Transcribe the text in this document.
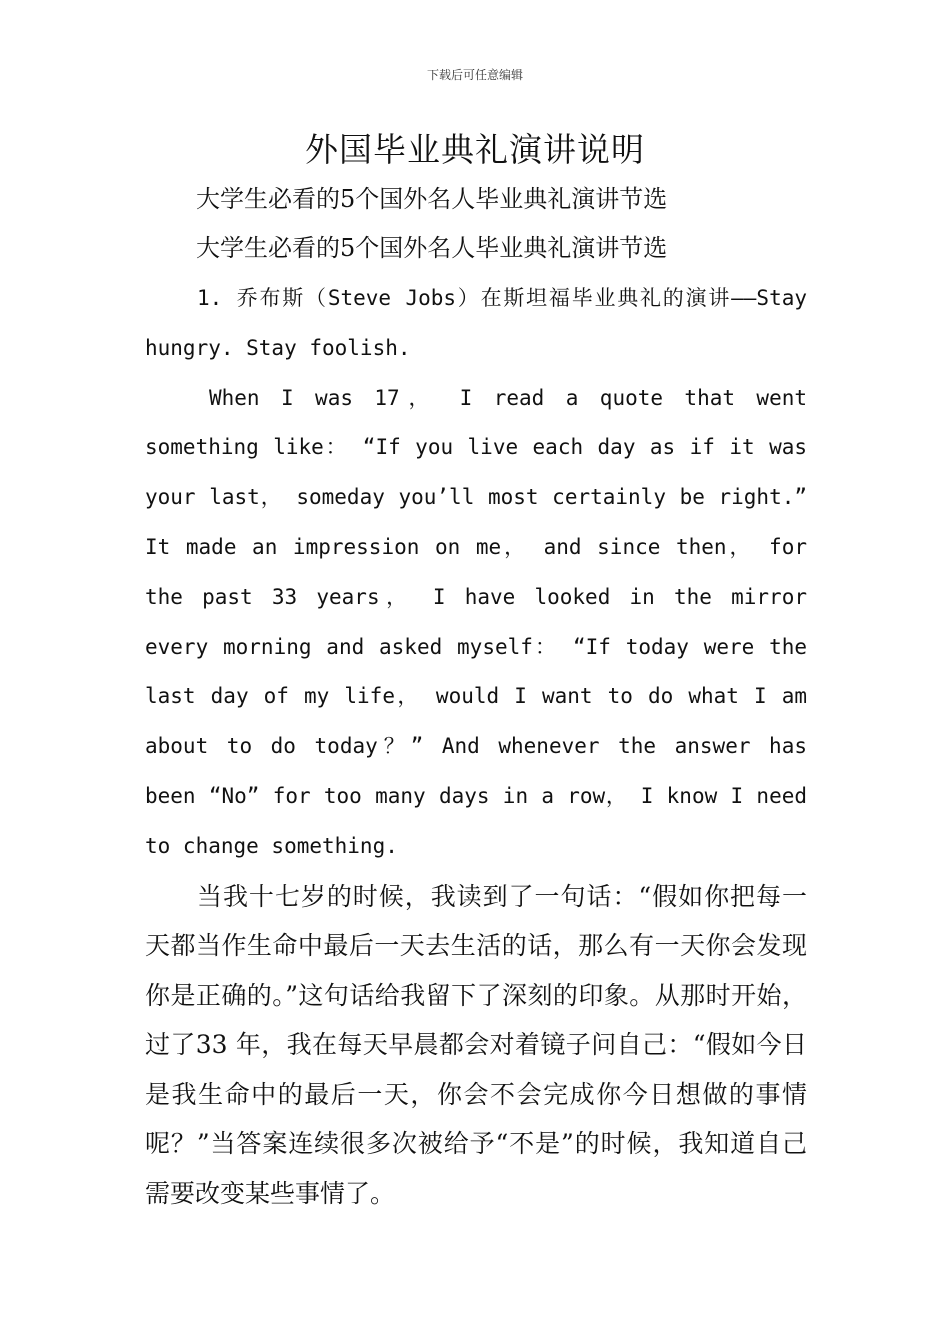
下载后可任意编辑
外国毕业典礼演讲说明
大学生必看的5个国外名人毕业典礼演讲节选
大学生必看的5个国外名人毕业典礼演讲节选

1. 乔布斯（Steve Jobs）在斯坦福毕业典礼的演讲——Stay hungry. Stay foolish.

When I was 17， I read a quote that went something like： “If you live each day as if it was your last， someday you’ll most certainly be right.” It made an impression on me， and since then， for the past 33 years， I have looked in the mirror every morning and asked myself： “If today were the last day of my life， would I want to do what I am about to do today？” And whenever the answer has been “No” for too many days in a row， I know I need to change something.

当我十七岁的时候，我读到了一句话：“假如你把每一天都当作生命中最后一天去生活的话，那么有一天你会发现你是正确的。”这句话给我留下了深刻的印象。从那时开始，过了33 年，我在每天早晨都会对着镜子问自己：“假如今日是我生命中的最后一天，你会不会完成你今日想做的事情呢？”当答案连续很多次被给予“不是”的时候，我知道自己需要改变某些事情了。
